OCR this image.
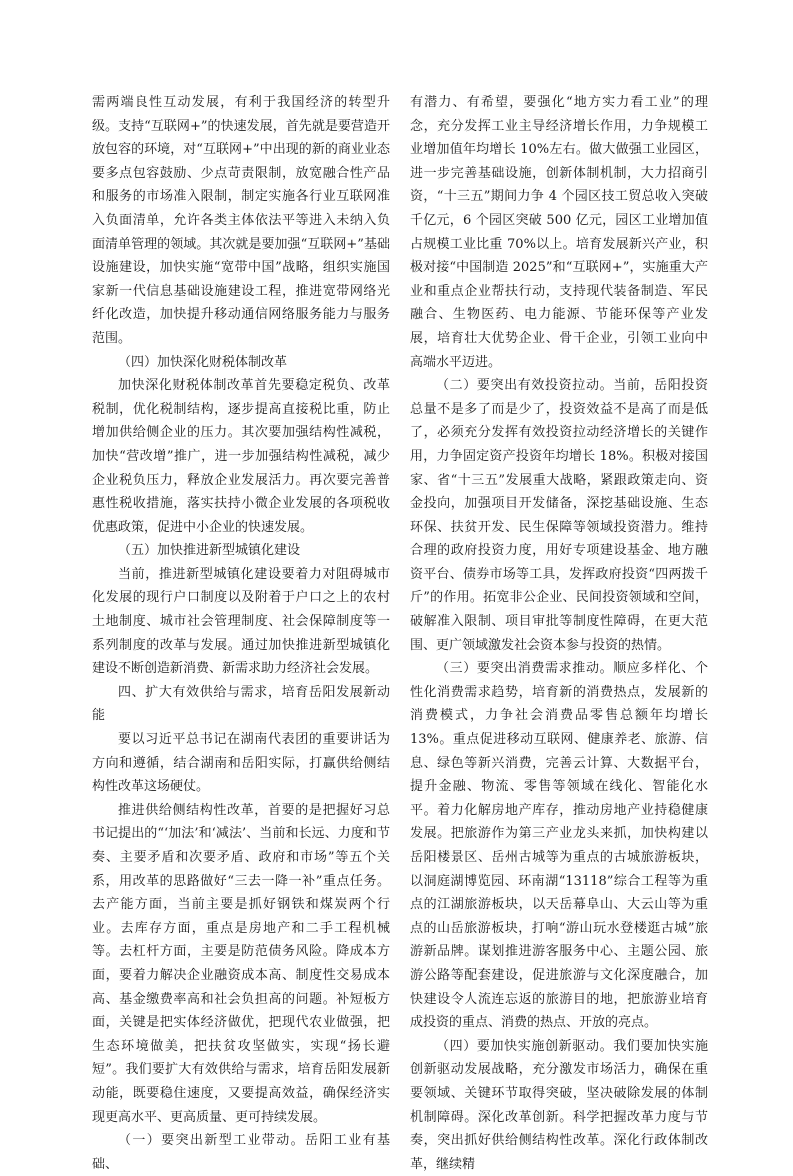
需两端良性互动发展，有利于我国经济的转型升级。支持“互联网+”的快速发展，首先就是要营造开放包容的环境，对“互联网+”中出现的新的商业业态要多点包容鼓励、少点苛责限制，放宽融合性产品和服务的市场准入限制，制定实施各行业互联网准入负面清单，允许各类主体依法平等进入未纳入负面清单管理的领域。其次就是要加强“互联网+”基础设施建设，加快实施“宽带中国”战略，组织实施国家新一代信息基础设施建设工程，推进宽带网络光纤化改造，加快提升移动通信网络服务能力与服务范围。

（四）加快深化财税体制改革

加快深化财税体制改革首先要稳定税负、改革税制，优化税制结构，逐步提高直接税比重，防止增加供给侧企业的压力。其次要加强结构性减税，加快“营改增”推广，进一步加强结构性减税，减少企业税负压力，释放企业发展活力。再次要完善普惠性税收措施，落实扶持小微企业发展的各项税收优惠政策，促进中小企业的快速发展。

（五）加快推进新型城镇化建设

当前，推进新型城镇化建设要着力对阻碍城市化发展的现行户口制度以及附着于户口之上的农村土地制度、城市社会管理制度、社会保障制度等一系列制度的改革与发展。通过加快推进新型城镇化建设不断创造新消费、新需求助力经济社会发展。

四、扩大有效供给与需求，培育岳阳发展新动能

要以习近平总书记在湖南代表团的重要讲话为方向和遵循，结合湖南和岳阳实际，打赢供给侧结构性改革这场硬仗。

推进供给侧结构性改革，首要的是把握好习总书记提出的“‘加法’和‘减法’、当前和长远、力度和节奏、主要矛盾和次要矛盾、政府和市场”等五个关系，用改革的思路做好“三去一降一补”重点任务。去产能方面，当前主要是抓好钢铁和煤炭两个行业。去库存方面，重点是房地产和二手工程机械等。去杠杆方面，主要是防范债务风险。降成本方面，要着力解决企业融资成本高、制度性交易成本高、基金缴费率高和社会负担高的问题。补短板方面，关键是把实体经济做优，把现代农业做强，把生态环境做美，把扶贫攻坚做实，实现“扬长避短”。我们要扩大有效供给与需求，培育岳阳发展新动能，既要稳住速度，又要提高效益，确保经济实现更高水平、更高质量、更可持续发展。

（一）要突出新型工业带动。岳阳工业有基础、

有潜力、有希望，要强化“地方实力看工业”的理念，充分发挥工业主导经济增长作用，力争规模工业增加值年均增长 10%左右。做大做强工业园区，进一步完善基础设施，创新体制机制，大力招商引资，“十三五”期间力争 4 个园区技工贸总收入突破千亿元，6 个园区突破 500 亿元，园区工业增加值占规模工业比重 70%以上。培育发展新兴产业，积极对接“中国制造 2025”和“互联网+”，实施重大产业和重点企业帮扶行动，支持现代装备制造、军民融合、生物医药、电力能源、节能环保等产业发展，培育壮大优势企业、骨干企业，引领工业向中高端水平迈进。

（二）要突出有效投资拉动。当前，岳阳投资总量不是多了而是少了，投资效益不是高了而是低了，必须充分发挥有效投资拉动经济增长的关键作用，力争固定资产投资年均增长 18%。积极对接国家、省“十三五”发展重大战略，紧跟政策走向、资金投向，加强项目开发储备，深挖基础设施、生态环保、扶贫开发、民生保障等领域投资潜力。维持合理的政府投资力度，用好专项建设基金、地方融资平台、债券市场等工具，发挥政府投资“四两拨千斤”的作用。拓宽非公企业、民间投资领域和空间，破解准入限制、项目审批等制度性障碍，在更大范围、更广领域激发社会资本参与投资的热情。

（三）要突出消费需求推动。顺应多样化、个性化消费需求趋势，培育新的消费热点，发展新的消费模式，力争社会消费品零售总额年均增长 13%。重点促进移动互联网、健康养老、旅游、信息、绿色等新兴消费，完善云计算、大数据平台，提升金融、物流、零售等领域在线化、智能化水平。着力化解房地产库存，推动房地产业持稳健康发展。把旅游作为第三产业龙头来抓，加快构建以岳阳楼景区、岳州古城等为重点的古城旅游板块，以洞庭湖博览园、环南湖“13118”综合工程等为重点的江湖旅游板块，以天岳幕阜山、大云山等为重点的山岳旅游板块，打响“游山玩水登楼逛古城”旅游新品牌。谋划推进游客服务中心、主题公园、旅游公路等配套建设，促进旅游与文化深度融合，加快建设令人流连忘返的旅游目的地，把旅游业培育成投资的重点、消费的热点、开放的亮点。

（四）要加快实施创新驱动。我们要加快实施创新驱动发展战略，充分激发市场活力，确保在重要领域、关键环节取得突破，坚决破除发展的体制机制障碍。深化改革创新。科学把握改革力度与节奏，突出抓好供给侧结构性改革。深化行政体制改革，继续精
